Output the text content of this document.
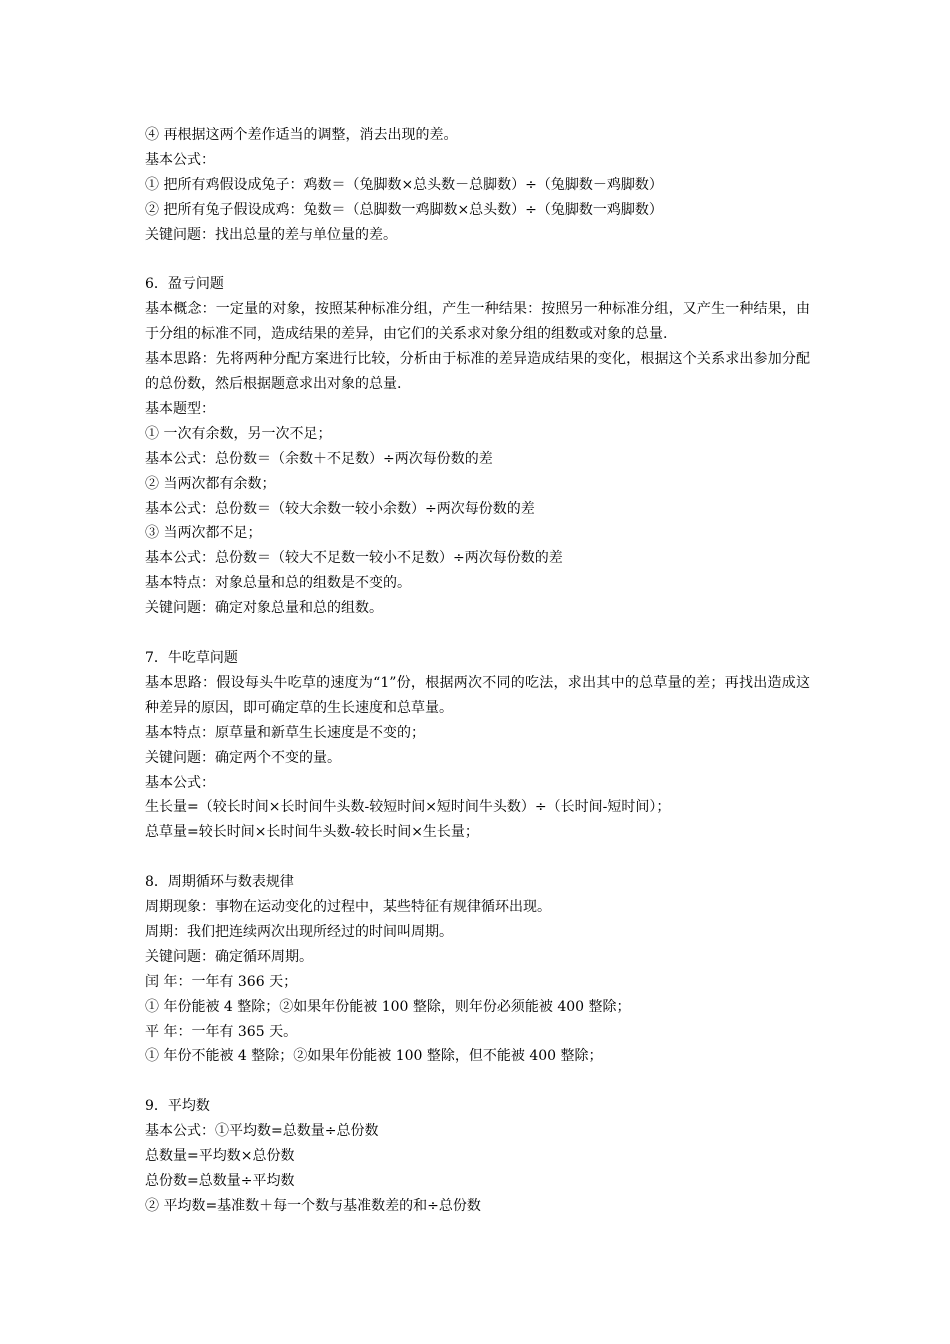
④ 再根据这两个差作适当的调整，消去出现的差。

基本公式：

① 把所有鸡假设成兔子：鸡数＝（兔脚数×总头数－总脚数）÷（兔脚数－鸡脚数）

② 把所有兔子假设成鸡：兔数＝（总脚数一鸡脚数×总头数）÷（兔脚数一鸡脚数）

关键问题：找出总量的差与单位量的差。

6．盈亏问题

基本概念：一定量的对象，按照某种标准分组，产生一种结果：按照另一种标准分组，又产生一种结果，由于分组的标准不同，造成结果的差异，由它们的关系求对象分组的组数或对象的总量.

基本思路：先将两种分配方案进行比较，分析由于标准的差异造成结果的变化，根据这个关系求出参加分配的总份数，然后根据题意求出对象的总量.

基本题型：

① 一次有余数，另一次不足；

基本公式：总份数＝（余数＋不足数）÷两次每份数的差

② 当两次都有余数；

基本公式：总份数＝（较大余数一较小余数）÷两次每份数的差

③ 当两次都不足；

基本公式：总份数＝（较大不足数一较小不足数）÷两次每份数的差

基本特点：对象总量和总的组数是不变的。

关键问题：确定对象总量和总的组数。

7．牛吃草问题

基本思路：假设每头牛吃草的速度为“1”份，根据两次不同的吃法，求出其中的总草量的差；再找出造成这种差异的原因，即可确定草的生长速度和总草量。

基本特点：原草量和新草生长速度是不变的；

关键问题：确定两个不变的量。

基本公式：

生长量=（较长时间×长时间牛头数-较短时间×短时间牛头数）÷（长时间-短时间）；

总草量=较长时间×长时间牛头数-较长时间×生长量；

8．周期循环与数表规律

周期现象：事物在运动变化的过程中，某些特征有规律循环出现。

周期：我们把连续两次出现所经过的时间叫周期。

关键问题：确定循环周期。

闰 年：一年有 366 天；

① 年份能被 4 整除；②如果年份能被 100 整除，则年份必须能被 400 整除；

平 年：一年有 365 天。

① 年份不能被 4 整除；②如果年份能被 100 整除，但不能被 400 整除；

9．平均数

基本公式：①平均数=总数量÷总份数

总数量=平均数×总份数

总份数=总数量÷平均数

② 平均数=基准数＋每一个数与基准数差的和÷总份数
